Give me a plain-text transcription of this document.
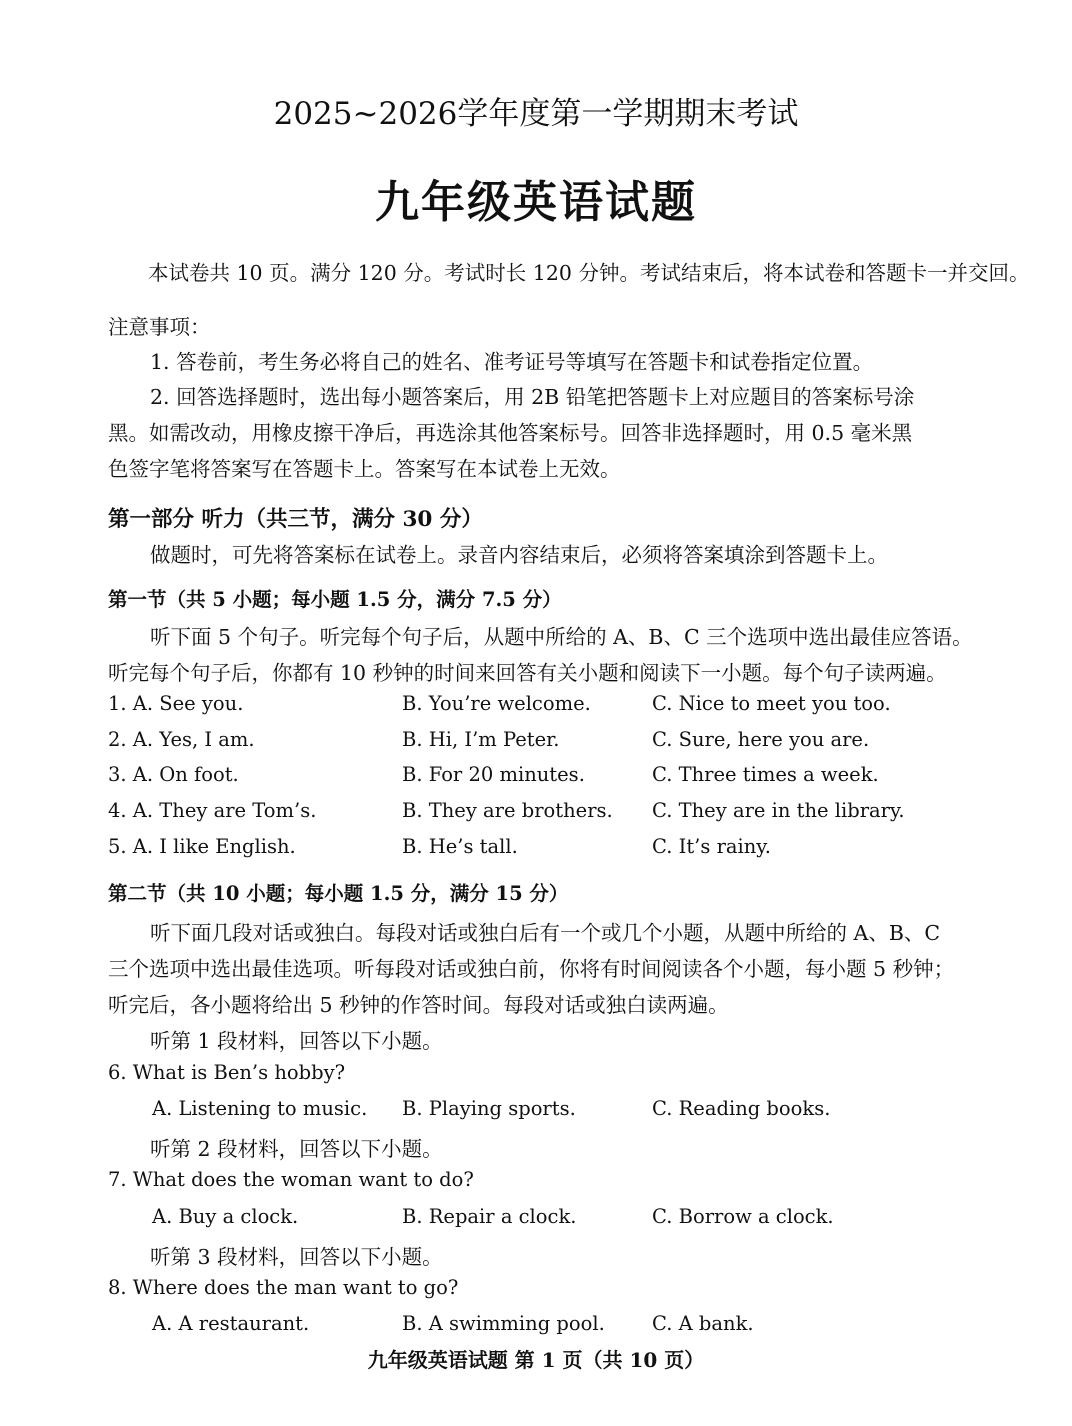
2025~2026学年度第一学期期末考试
九年级英语试题
本试卷共 10 页。满分 120 分。考试时长 120 分钟。考试结束后，将本试卷和答题卡一并交回。
注意事项：
1. 答卷前，考生务必将自己的姓名、准考证号等填写在答题卡和试卷指定位置。
2. 回答选择题时，选出每小题答案后，用 2B 铅笔把答题卡上对应题目的答案标号涂
黑。如需改动，用橡皮擦干净后，再选涂其他答案标号。回答非选择题时，用 0.5 毫米黑
色签字笔将答案写在答题卡上。答案写在本试卷上无效。
第一部分 听力（共三节，满分 30 分）
做题时，可先将答案标在试卷上。录音内容结束后，必须将答案填涂到答题卡上。
第一节（共 5 小题；每小题 1.5 分，满分 7.5 分）
听下面 5 个句子。听完每个句子后，从题中所给的 A、B、C 三个选项中选出最佳应答语。
听完每个句子后，你都有 10 秒钟的时间来回答有关小题和阅读下一小题。每个句子读两遍。
1. A. See you.	B. You’re welcome.	C. Nice to meet you too.
2. A. Yes, I am.	B. Hi, I’m Peter.	C. Sure, here you are.
3. A. On foot.	B. For 20 minutes.	C. Three times a week.
4. A. They are Tom’s.	B. They are brothers. C. They are in the library.
5. A. I like English.	B. He’s tall.	C. It’s rainy.
第二节（共 10 小题；每小题 1.5 分，满分 15 分）
听下面几段对话或独白。每段对话或独白后有一个或几个小题，从题中所给的 A、B、C
三个选项中选出最佳选项。听每段对话或独白前，你将有时间阅读各个小题，每小题 5 秒钟；
听完后，各小题将给出 5 秒钟的作答时间。每段对话或独白读两遍。
听第 1 段材料，回答以下小题。
6. What is Ben’s hobby?
A. Listening to music. B. Playing sports.	C. Reading books.
听第 2 段材料，回答以下小题。
7. What does the woman want to do?
A. Buy a clock.	B. Repair a clock.	C. Borrow a clock.
听第 3 段材料，回答以下小题。
8. Where does the man want to go?
A. A restaurant.	B. A swimming pool. C. A bank.
九年级英语试题 第 1 页（共 10 页）
